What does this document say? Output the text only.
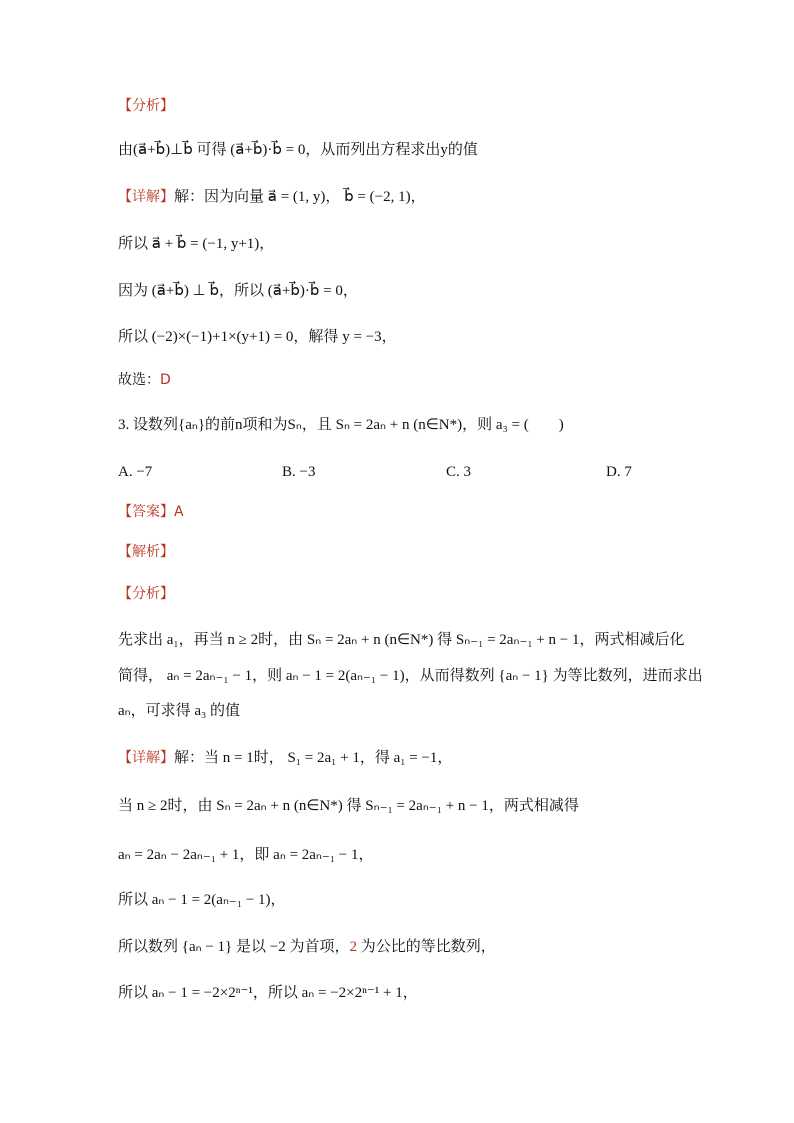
【分析】
由(a⃗+b⃗)⊥b⃗ 可得 (a⃗+b⃗)·b⃗ = 0，从而列出方程求出y的值
【详解】解：因为向量 a⃗ = (1, y)， b⃗ = (−2, 1)，
所以 a⃗ + b⃗ = (−1, y+1)，
因为 (a⃗+b⃗) ⊥ b⃗，所以 (a⃗+b⃗)·b⃗ = 0，
所以 (−2)×(−1)+1×(y+1) = 0，解得 y = −3，
故选：D
3. 设数列{aₙ}的前n项和为Sₙ，且 Sₙ = 2aₙ + n (n∈N*)，则 a₃ = (　　)
A. −7	B. −3	C. 3	D. 7
【答案】A
【解析】
【分析】
先求出 a₁，再当 n ≥ 2时，由 Sₙ = 2aₙ + n (n∈N*) 得 Sₙ₋₁ = 2aₙ₋₁ + n − 1，两式相减后化
简得， aₙ = 2aₙ₋₁ − 1，则 aₙ − 1 = 2(aₙ₋₁ − 1)，从而得数列 {aₙ − 1} 为等比数列，进而求出
aₙ，可求得 a₃ 的值
【详解】解：当 n = 1时， S₁ = 2a₁ + 1，得 a₁ = −1，
当 n ≥ 2时，由 Sₙ = 2aₙ + n (n∈N*) 得 Sₙ₋₁ = 2aₙ₋₁ + n − 1，两式相减得
aₙ = 2aₙ − 2aₙ₋₁ + 1，即 aₙ = 2aₙ₋₁ − 1，
所以 aₙ − 1 = 2(aₙ₋₁ − 1)，
所以数列 {aₙ − 1} 是以 −2 为首项，2 为公比的等比数列，
所以 aₙ − 1 = −2×2ⁿ⁻¹，所以 aₙ = −2×2ⁿ⁻¹ + 1，
